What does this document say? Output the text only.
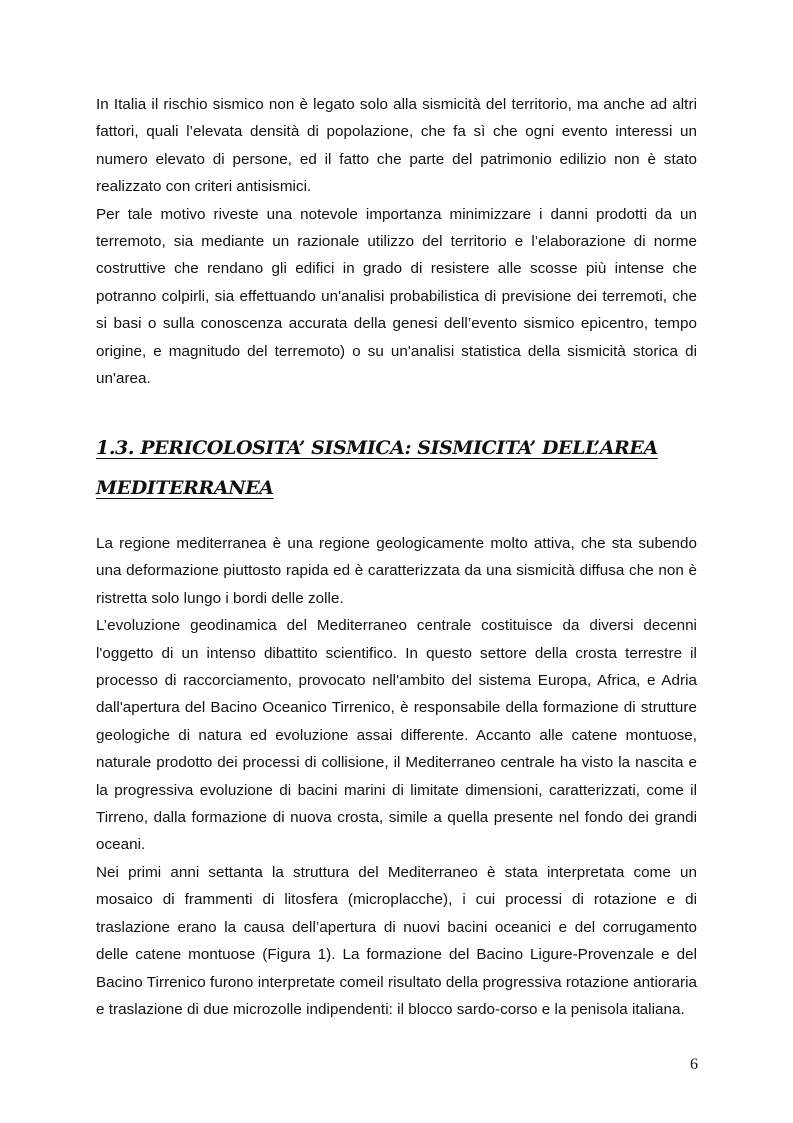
In Italia il rischio sismico non è legato solo alla sismicità del territorio, ma anche ad altri fattori, quali l’elevata densità di popolazione, che fa sì che ogni evento interessi un numero elevato di persone, ed il fatto che parte del patrimonio edilizio non è stato realizzato con criteri antisismici.

Per tale motivo riveste una notevole importanza minimizzare i danni prodotti da un terremoto, sia mediante un razionale utilizzo del territorio e l’elaborazione di norme costruttive che rendano gli edifici in grado di resistere alle scosse più intense che potranno colpirli, sia effettuando un'analisi probabilistica di previsione dei terremoti, che si basi o sulla conoscenza accurata della genesi dell’evento sismico epicentro, tempo origine, e magnitudo del terremoto) o su un'analisi statistica della sismicità storica di un'area.

1.3. PERICOLOSITA’ SISMICA: SISMICITA’ DELL’AREA MEDITERRANEA

La regione mediterranea è una regione geologicamente molto attiva, che sta subendo una deformazione piuttosto rapida ed è caratterizzata da una sismicità diffusa che non è ristretta solo lungo i bordi delle zolle.

L’evoluzione geodinamica del Mediterraneo centrale costituisce da diversi decenni l'oggetto di un intenso dibattito scientifico. In questo settore della crosta terrestre il processo di raccorciamento, provocato nell'ambito del sistema Europa, Africa, e Adria dall'apertura del Bacino Oceanico Tirrenico, è responsabile della formazione di strutture geologiche di natura ed evoluzione assai differente. Accanto alle catene montuose, naturale prodotto dei processi di collisione, il Mediterraneo centrale ha visto la nascita e la progressiva evoluzione di bacini marini di limitate dimensioni, caratterizzati, come il Tirreno, dalla formazione di nuova crosta, simile a quella presente nel fondo dei grandi oceani.

Nei primi anni settanta la struttura del Mediterraneo è stata interpretata come un mosaico di frammenti di litosfera (microplacche), i cui processi di rotazione e di traslazione erano la causa dell’apertura di nuovi bacini oceanici e del corrugamento delle catene montuose (Figura 1). La formazione del Bacino Ligure-Provenzale e del Bacino Tirrenico furono interpretate comeil risultato della progressiva rotazione antioraria e traslazione di due microzolle indipendenti: il blocco sardo-corso e la penisola italiana.

6
